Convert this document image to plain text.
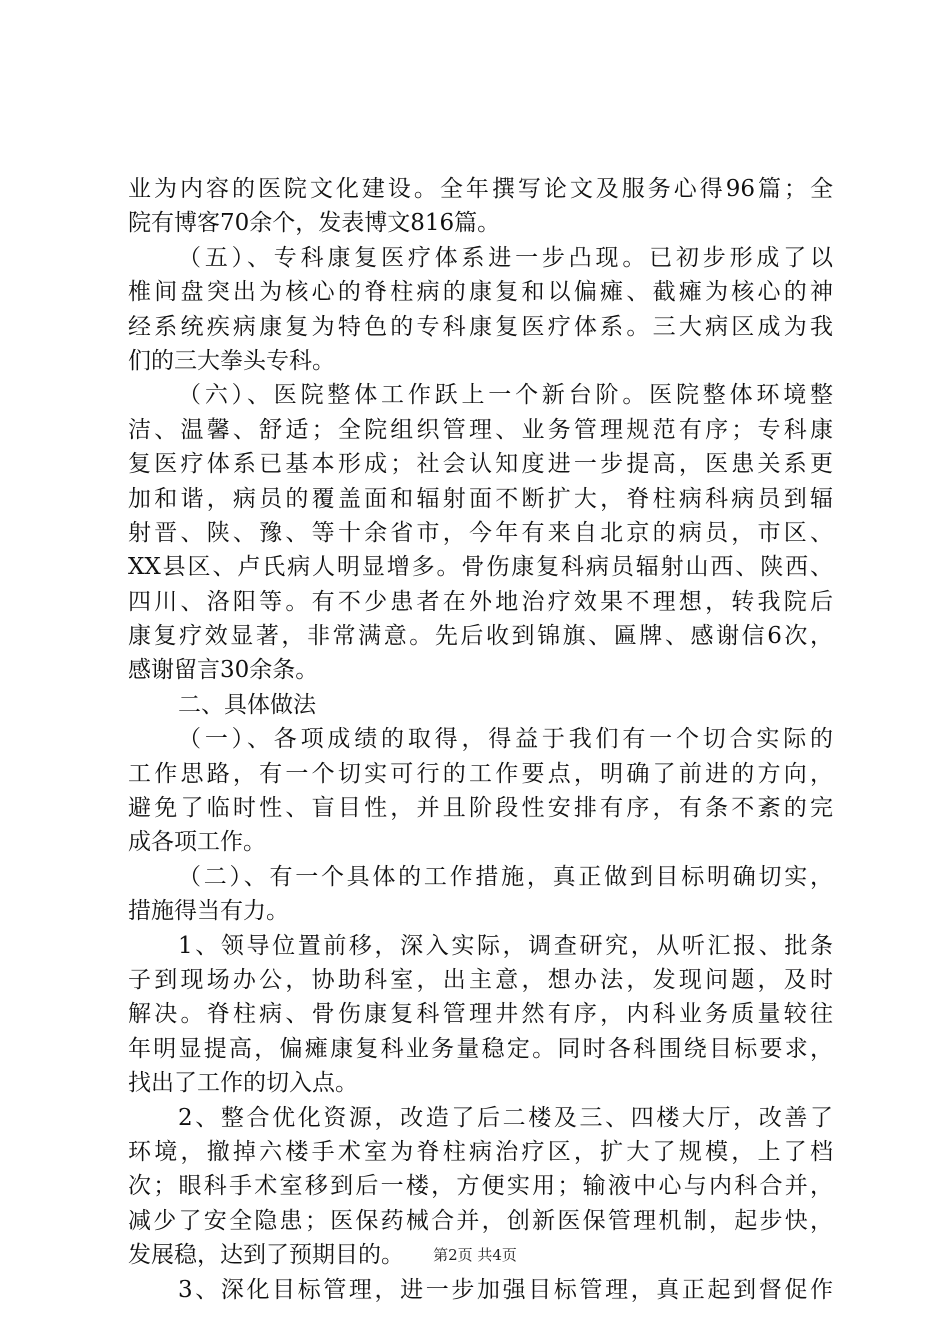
业为内容的医院文化建设。全年撰写论文及服务心得96篇；全
院有博客70余个，发表博文816篇。
（五）、专科康复医疗体系进一步凸现。已初步形成了以
椎间盘突出为核心的脊柱病的康复和以偏瘫、截瘫为核心的神
经系统疾病康复为特色的专科康复医疗体系。三大病区成为我
们的三大拳头专科。
（六）、医院整体工作跃上一个新台阶。医院整体环境整
洁、温馨、舒适；全院组织管理、业务管理规范有序；专科康
复医疗体系已基本形成；社会认知度进一步提高，医患关系更
加和谐，病员的覆盖面和辐射面不断扩大，脊柱病科病员到辐
射晋、陕、豫、等十余省市，今年有来自北京的病员，市区、
XX县区、卢氏病人明显增多。骨伤康复科病员辐射山西、陕西、
四川、洛阳等。有不少患者在外地治疗效果不理想，转我院后
康复疗效显著，非常满意。先后收到锦旗、匾牌、感谢信6次，
感谢留言30余条。
二、具体做法
（一）、各项成绩的取得，得益于我们有一个切合实际的
工作思路，有一个切实可行的工作要点，明确了前进的方向，
避免了临时性、盲目性，并且阶段性安排有序，有条不紊的完
成各项工作。
（二）、有一个具体的工作措施，真正做到目标明确切实，
措施得当有力。
1、领导位置前移，深入实际，调查研究，从听汇报、批条
子到现场办公，协助科室，出主意，想办法，发现问题，及时
解决。脊柱病、骨伤康复科管理井然有序，内科业务质量较往
年明显提高，偏瘫康复科业务量稳定。同时各科围绕目标要求，
找出了工作的切入点。
2、整合优化资源，改造了后二楼及三、四楼大厅，改善了
环境，撤掉六楼手术室为脊柱病治疗区，扩大了规模，上了档
次；眼科手术室移到后一楼，方便实用；输液中心与内科合并，
减少了安全隐患；医保药械合并，创新医保管理机制，起步快，
发展稳，达到了预期目的。
3、深化目标管理，进一步加强目标管理，真正起到督促作
第2页 共4页
